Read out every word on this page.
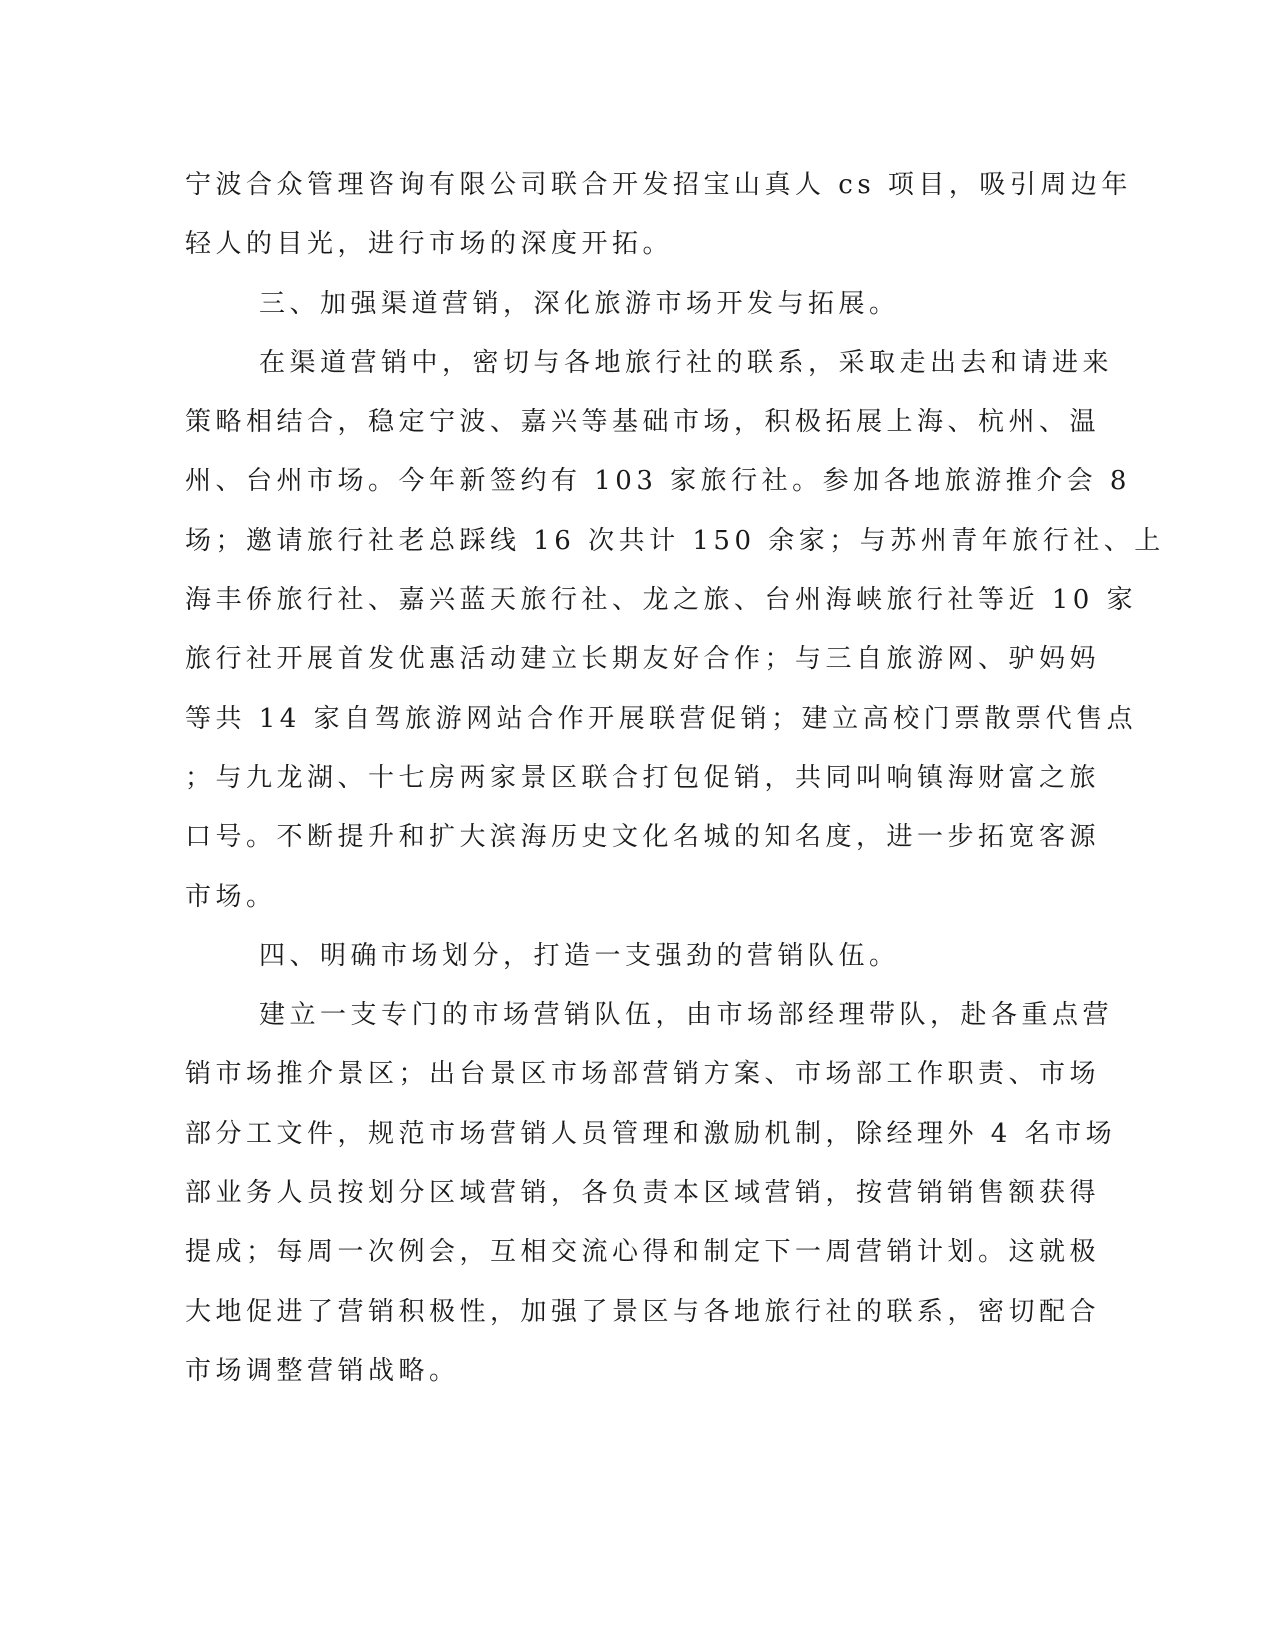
宁波合众管理咨询有限公司联合开发招宝山真人 cs 项目，吸引周边年
轻人的目光，进行市场的深度开拓。
三、加强渠道营销，深化旅游市场开发与拓展。
在渠道营销中，密切与各地旅行社的联系，采取走出去和请进来
策略相结合，稳定宁波、嘉兴等基础市场，积极拓展上海、杭州、温
州、台州市场。今年新签约有 103 家旅行社。参加各地旅游推介会 8
场；邀请旅行社老总踩线 16 次共计 150 余家；与苏州青年旅行社、上
海丰侨旅行社、嘉兴蓝天旅行社、龙之旅、台州海峡旅行社等近 10 家
旅行社开展首发优惠活动建立长期友好合作；与三自旅游网、驴妈妈
等共 14 家自驾旅游网站合作开展联营促销；建立高校门票散票代售点
；与九龙湖、十七房两家景区联合打包促销，共同叫响镇海财富之旅
口号。不断提升和扩大滨海历史文化名城的知名度，进一步拓宽客源
市场。
四、明确市场划分，打造一支强劲的营销队伍。
建立一支专门的市场营销队伍，由市场部经理带队，赴各重点营
销市场推介景区；出台景区市场部营销方案、市场部工作职责、市场
部分工文件，规范市场营销人员管理和激励机制，除经理外 4 名市场
部业务人员按划分区域营销，各负责本区域营销，按营销销售额获得
提成；每周一次例会，互相交流心得和制定下一周营销计划。这就极
大地促进了营销积极性，加强了景区与各地旅行社的联系，密切配合
市场调整营销战略。
